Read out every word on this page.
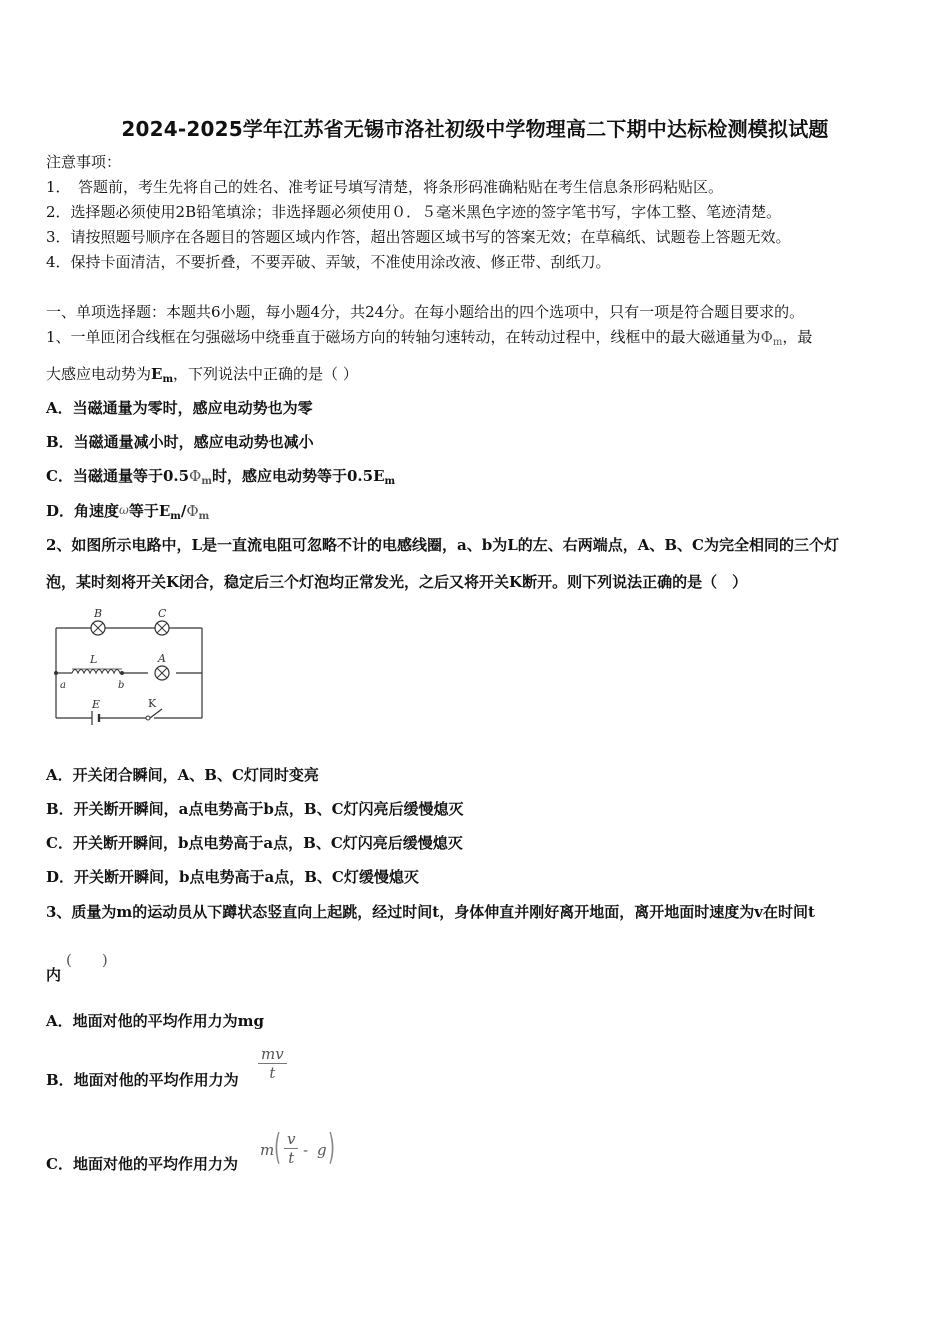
2024-2025学年江苏省无锡市洛社初级中学物理高二下期中达标检测模拟试题
注意事项：
1．　答题前，考生先将自己的姓名、准考证号填写清楚，将条形码准确粘贴在考生信息条形码粘贴区。
2．选择题必须使用2B铅笔填涂；非选择题必须使用０．５毫米黑色字迹的签字笔书写，字体工整、笔迹清楚。
3．请按照题号顺序在各题目的答题区域内作答，超出答题区域书写的答案无效；在草稿纸、试题卷上答题无效。
4．保持卡面清洁，不要折叠，不要弄破、弄皱，不准使用涂改液、修正带、刮纸刀。
一、单项选择题：本题共6小题，每小题4分，共24分。在每小题给出的四个选项中，只有一项是符合题目要求的。
1、一单匝闭合线框在匀强磁场中绕垂直于磁场方向的转轴匀速转动，在转动过程中，线框中的最大磁通量为$\Phi_m$，最
大感应电动势为$E_m$，下列说法中正确的是（ ）
A．当磁通量为零时，感应电动势也为零
B．当磁通量减小时，感应电动势也减小
C．当磁通量等于$0.5\Phi_m$时，感应电动势等于$0.5E_m$
D．角速度ω等于$E_m/\Phi_m$
2、如图所示电路中，L是一直流电阻可忽略不计的电感线圈，a、b为L的左、右两端点，A、B、C为完全相同的三个灯
泡，某时刻将开关K闭合，稳定后三个灯泡均正常发光，之后又将开关K断开。则下列说法正确的是（　）
B	C
L	A
a	b
E	K
A．开关闭合瞬间，A、B、C灯同时变亮
B．开关断开瞬间，a点电势高于b点，B、C灯闪亮后缓慢熄灭
C．开关断开瞬间，b点电势高于a点，B、C灯闪亮后缓慢熄灭
D．开关断开瞬间，b点电势高于a点，B、C灯缓慢熄灭
3、质量为m的运动员从下蹲状态竖直向上起跳，经过时间t，身体伸直并刚好离开地面，离开地面时速度为v在时间t
内
(　　)
A．地面对他的平均作用力为mg
B．地面对他的平均作用力为 $\frac{mv}{t}$
C．地面对他的平均作用力为
m ( $\frac{v}{t}$ - g )
